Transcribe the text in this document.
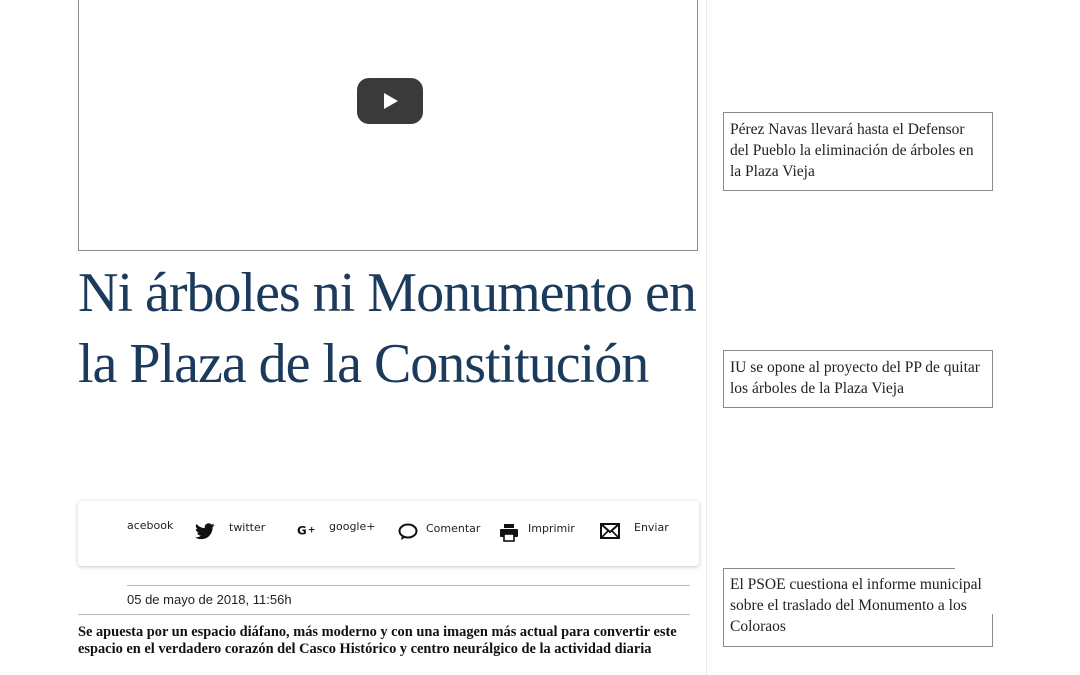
Ni árboles ni Monumento en la Plaza de la Constitución
acebook	twitter G + google+	Comentar	Imprimir	Enviar
05 de mayo de 2018, 11:56h

Se apuesta por un espacio diáfano, más moderno y con una imagen más actual para convertir este espacio en el verdadero corazón del Casco Histórico y centro neurálgico de la actividad diaria

Pérez Navas llevará hasta el Defensor del Pueblo la eliminación de árboles en la Plaza Vieja
IU se opone al proyecto del PP de quitar los árboles de la Plaza Vieja
El PSOE cuestiona el informe municipal sobre el traslado del Monumento a los Coloraos
